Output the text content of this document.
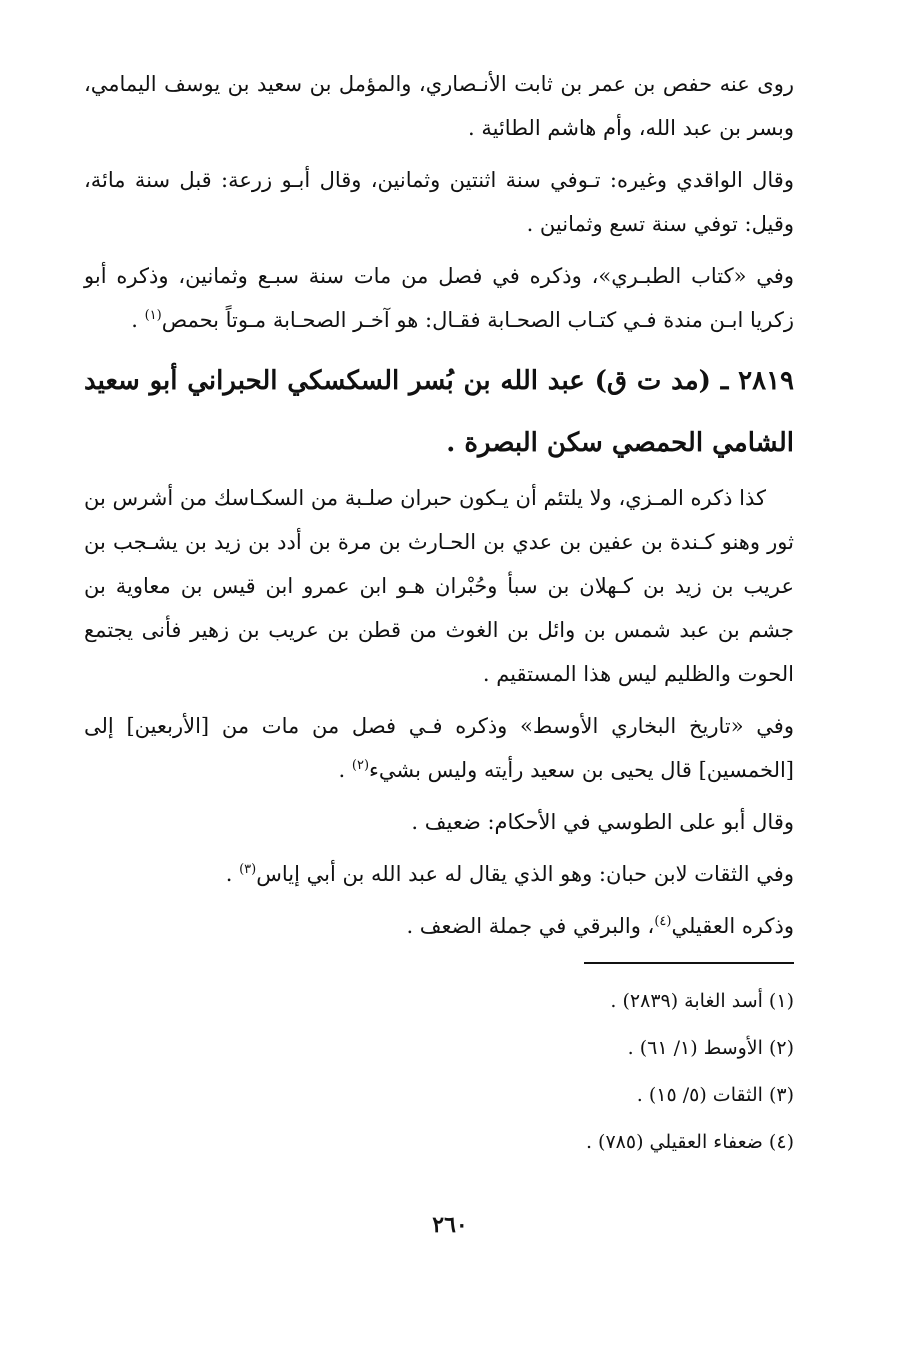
روى عنه حفص بن عمر بن ثابت الأنـصاري، والمؤمل بن سعيد بن يوسف اليمامي، وبسر بن عبد الله، وأم هاشم الطائية .

وقال الواقدي وغيره: تـوفي سنة اثنتين وثمانين، وقال أبـو زرعة: قبل سنة مائة، وقيل: توفي سنة تسع وثمانين .

وفي «كتاب الطبـري»، وذكره في فصل من مات سنة سبـع وثمانين، وذكره أبو زكريا ابـن مندة فـي كتـاب الصحـابة فقـال: هو آخـر الصحـابة مـوتاً بحمص$^{(١)}$ .

٢٨١٩ ـ (مد ت ق) عبد الله بن بُسر السكسكي الحبراني أبو سعيد الشامي الحمصي سكن البصرة .

كذا ذكره المـزي، ولا يلتئم أن يـكون حبران صلـبة من السكـاسك من أشرس بن ثور وهنو كـندة بن عفين بن عدي بن الحـارث بن مرة بن أدد بن زيد بن يشـجب بن عريب بن زيد بن كـهلان بن سبأ وحُبْران هـو ابن عمرو ابن قيس بن معاوية بن جشم بن عبد شمس بن وائل بن الغوث من قطن بن عريب بن زهير فأنى يجتمع الحوت والظليم ليس هذا المستقيم .

وفي «تاريخ البخاري الأوسط» وذكره فـي فصل من مات من [الأربعين] إلى [الخمسين] قال يحيى بن سعيد رأيته وليس بشيء$^{(٢)}$ .

وقال أبو على الطوسي في الأحكام: ضعيف .

وفي الثقات لابن حبان: وهو الذي يقال له عبد الله بن أبي إياس$^{(٣)}$ .

وذكره العقيلي$^{(٤)}$، والبرقي في جملة الضعف .

(١) أسد الغابة (٢٨٣٩) .

(٢) الأوسط (١/ ٦١) .

(٣) الثقات (٥/ ١٥) .

(٤) ضعفاء العقيلي (٧٨٥) .

٢٦٠
